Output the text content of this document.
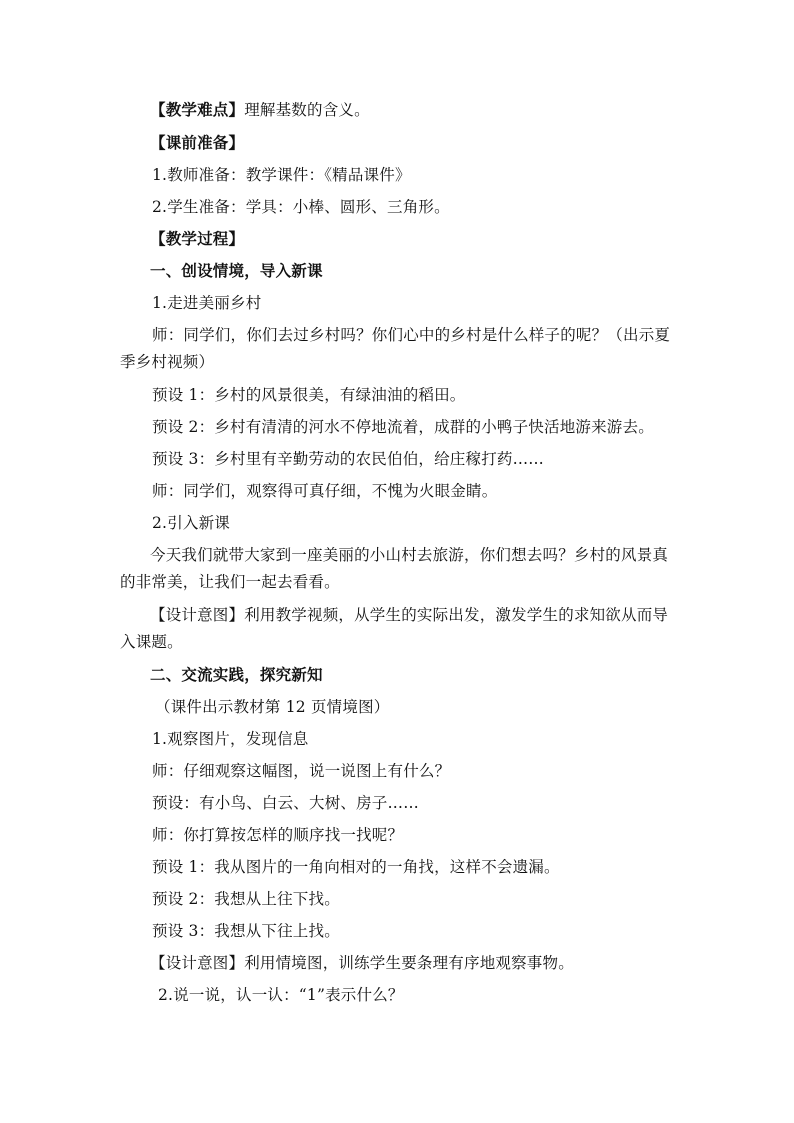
【教学难点】理解基数的含义。
【课前准备】
1.教师准备：教学课件：《精品课件》
2.学生准备：学具：小棒、圆形、三角形。
【教学过程】
一、创设情境，导入新课
1.走进美丽乡村
师：同学们，你们去过乡村吗？你们心中的乡村是什么样子的呢？（出示夏
季乡村视频）
预设 1：乡村的风景很美，有绿油油的稻田。
预设 2：乡村有清清的河水不停地流着，成群的小鸭子快活地游来游去。
预设 3：乡村里有辛勤劳动的农民伯伯，给庄稼打药……
师：同学们，观察得可真仔细，不愧为火眼金睛。
2.引入新课
今天我们就带大家到一座美丽的小山村去旅游，你们想去吗？乡村的风景真
的非常美，让我们一起去看看。
【设计意图】利用教学视频，从学生的实际出发，激发学生的求知欲从而导
入课题。
二、交流实践，探究新知
（课件出示教材第 12 页情境图）
1.观察图片，发现信息
师：仔细观察这幅图，说一说图上有什么？
预设：有小鸟、白云、大树、房子……
师：你打算按怎样的顺序找一找呢？
预设 1：我从图片的一角向相对的一角找，这样不会遗漏。
预设 2：我想从上往下找。
预设 3：我想从下往上找。
【设计意图】利用情境图，训练学生要条理有序地观察事物。
2.说一说，认一认：“1”表示什么？
